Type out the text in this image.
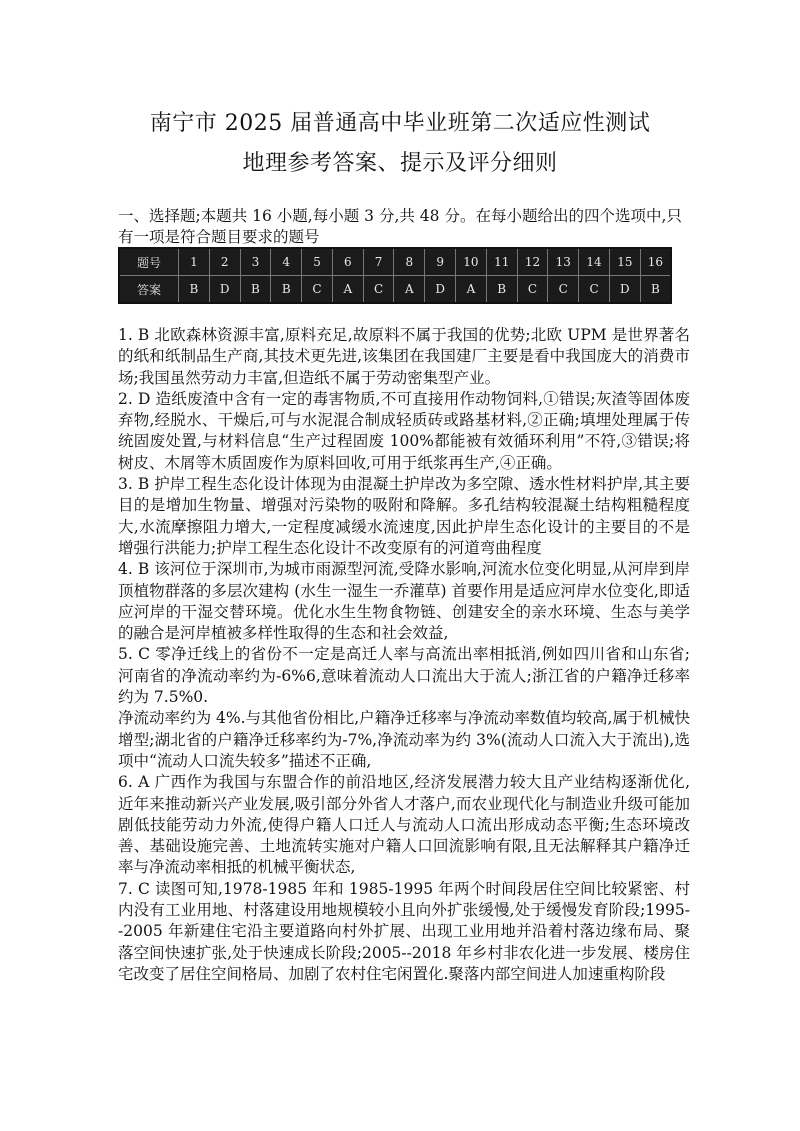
南宁市 2025 届普通高中毕业班第二次适应性测试
地理参考答案、提示及评分细则
一、选择题;本题共 16 小题,每小题 3 分,共 48 分。在每小题给出的四个选项中,只有一项是符合题目要求的题号
题号	1	2	3	4	5	6	7	8	9	10	11	12	13	14	15	16
答案	B	D	B	B	C	A	C	A	D	A	B	C	C	C	D	B

1. B 北欧森林资源丰富,原料充足,故原料不属于我国的优势;北欧 UPM 是世界著名的纸和纸制品生产商,其技术更先进,该集团在我国建厂主要是看中我国庞大的消费市场;我国虽然劳动力丰富,但造纸不属于劳动密集型产业。

2. D 造纸废渣中含有一定的毒害物质,不可直接用作动物饲料,①错误;灰渣等固体废弃物,经脱水、干燥后,可与水泥混合制成轻质砖或路基材料,②正确;填埋处理属于传统固废处置,与材料信息“生产过程固废 100%都能被有效循环利用”不符,③错误;将树皮、木屑等木质固废作为原料回收,可用于纸浆再生产,④正确。

3. B 护岸工程生态化设计体现为由混凝土护岸改为多空隙、透水性材料护岸,其主要目的是增加生物量、增强对污染物的吸附和降解。多孔结构较混凝土结构粗糙程度大,水流摩擦阻力增大,一定程度减缓水流速度,因此护岸生态化设计的主要目的不是增强行洪能力;护岸工程生态化设计不改变原有的河道弯曲程度

4. B 该河位于深圳市,为城市雨源型河流,受降水影响,河流水位变化明显,从河岸到岸顶植物群落的多层次建构 (水生一湿生一乔灌草) 首要作用是适应河岸水位变化,即适应河岸的干湿交替环境。优化水生生物食物链、创建安全的亲水环境、生态与美学的融合是河岸植被多样性取得的生态和社会效益,

5. C 零净迁线上的省份不一定是高迁人率与高流出率相抵消,例如四川省和山东省;河南省的净流动率约为-6%6,意味着流动人口流出大于流人;浙江省的户籍净迁移率约为 7.5%0.

净流动率约为 4%.与其他省份相比,户籍净迁移率与净流动率数值均较高,属于机械快增型;湖北省的户籍净迁移率约为-7%,净流动率为约 3%(流动人口流入大于流出),选项中“流动人口流失较多”描述不正确,

6. A 广西作为我国与东盟合作的前沿地区,经济发展潜力较大且产业结构逐渐优化,近年来推动新兴产业发展,吸引部分外省人才落户,而农业现代化与制造业升级可能加剧低技能劳动力外流,使得户籍人口迁人与流动人口流出形成动态平衡;生态环境改善、基础设施完善、土地流转实施对户籍人口回流影响有限,且无法解释其户籍净迁率与净流动率相抵的机械平衡状态,

7. C 读图可知,1978-1985 年和 1985-1995 年两个时间段居住空间比较紧密、村内没有工业用地、村落建设用地规模较小且向外扩张缓慢,处于缓慢发育阶段;1995--2005 年新建住宅沿主要道路向村外扩展、出现工业用地并沿着村落边缘布局、聚落空间快速扩张,处于快速成长阶段;2005--2018 年乡村非农化进一步发展、楼房住宅改变了居住空间格局、加剧了农村住宅闲置化.聚落内部空间进人加速重构阶段
